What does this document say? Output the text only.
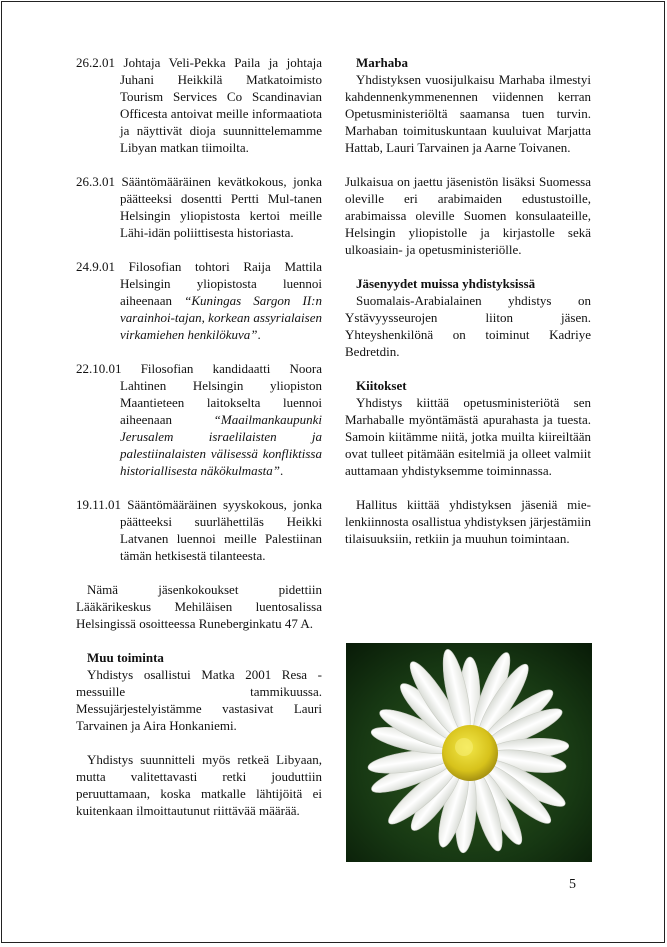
26.2.01 Johtaja Veli-Pekka Paila ja johtaja Juhani Heikkilä Matkatoimisto Tourism Services Co Scandinavian Officesta antoivat meille informaatiota ja näyttivät dioja suunnittelemamme Libyan matkan tiimoilta.
26.3.01 Sääntömääräinen kevätkokous, jonka päätteeksi dosentti Pertti Mul-tanen Helsingin yliopistosta kertoi meille Lähi-idän poliittisesta historiasta.
24.9.01 Filosofian tohtori Raija Mattila Helsingin yliopistosta luennoi aiheenaan “Kuningas Sargon II:n varainhoi-tajan, korkean assyrialaisen virkamiehen henkilökuva”.
22.10.01 Filosofian kandidaatti Noora Lahtinen Helsingin yliopiston Maantieteen laitokselta luennoi aiheenaan	“Maailmankaupunki Jerusalem israelilaisten ja palestiinalaisten välisessä konfliktissa historiallisesta näkökulmasta”.
19.11.01 Sääntömääräinen syyskokous, jonka päätteeksi suurlähettiläs Heikki Latvanen luennoi meille Palestiinan tämän hetkisestä tilanteesta.

Nämä jäsenkokoukset pidettiin Lääkärikeskus Mehiläisen luentosalissa Helsingissä osoitteessa Runeberginkatu 47 A.

Muu toiminta

Yhdistys osallistui Matka 2001 Resa -messuille tammikuussa. Messujärjestelyistämme vastasivat Lauri Tarvainen ja Aira Honkaniemi.

Yhdistys suunnitteli myös retkeä Libyaan, mutta valitettavasti retki jouduttiin peruuttamaan, koska matkalle lähtijöitä ei kuitenkaan ilmoittautunut riittävää määrää.

Marhaba

Yhdistyksen vuosijulkaisu Marhaba ilmestyi kahdennenkymmenennen viidennen kerran Opetusministeriöltä saamansa tuen turvin. Marhaban toimituskuntaan kuuluivat Marjatta Hattab, Lauri Tarvainen ja Aarne Toivanen.

Julkaisua on jaettu jäsenistön lisäksi Suomessa oleville eri arabimaiden edustustoille, arabimaissa oleville Suomen konsulaateille, Helsingin yliopistolle ja kirjastolle sekä ulkoasiain- ja opetusministeriölle.

Jäsenyydet muissa yhdistyksissä

Suomalais-Arabialainen yhdistys on Ystävyysseurojen liiton jäsen. Yhteyshenkilönä on toiminut Kadriye Bedretdin.

Kiitokset

Yhdistys kiittää opetusministeriötä sen Marhaballe myöntämästä apurahasta ja tuesta. Samoin kiitämme niitä, jotka muilta kiireiltään ovat tulleet pitämään esitelmiä ja olleet valmiit auttamaan yhdistyksemme toiminnassa.

Hallitus kiittää yhdistyksen jäseniä mie- lenkiinnosta osallistua yhdistyksen järjestämiin tilaisuuksiin, retkiin ja muuhun toimintaan.

5
